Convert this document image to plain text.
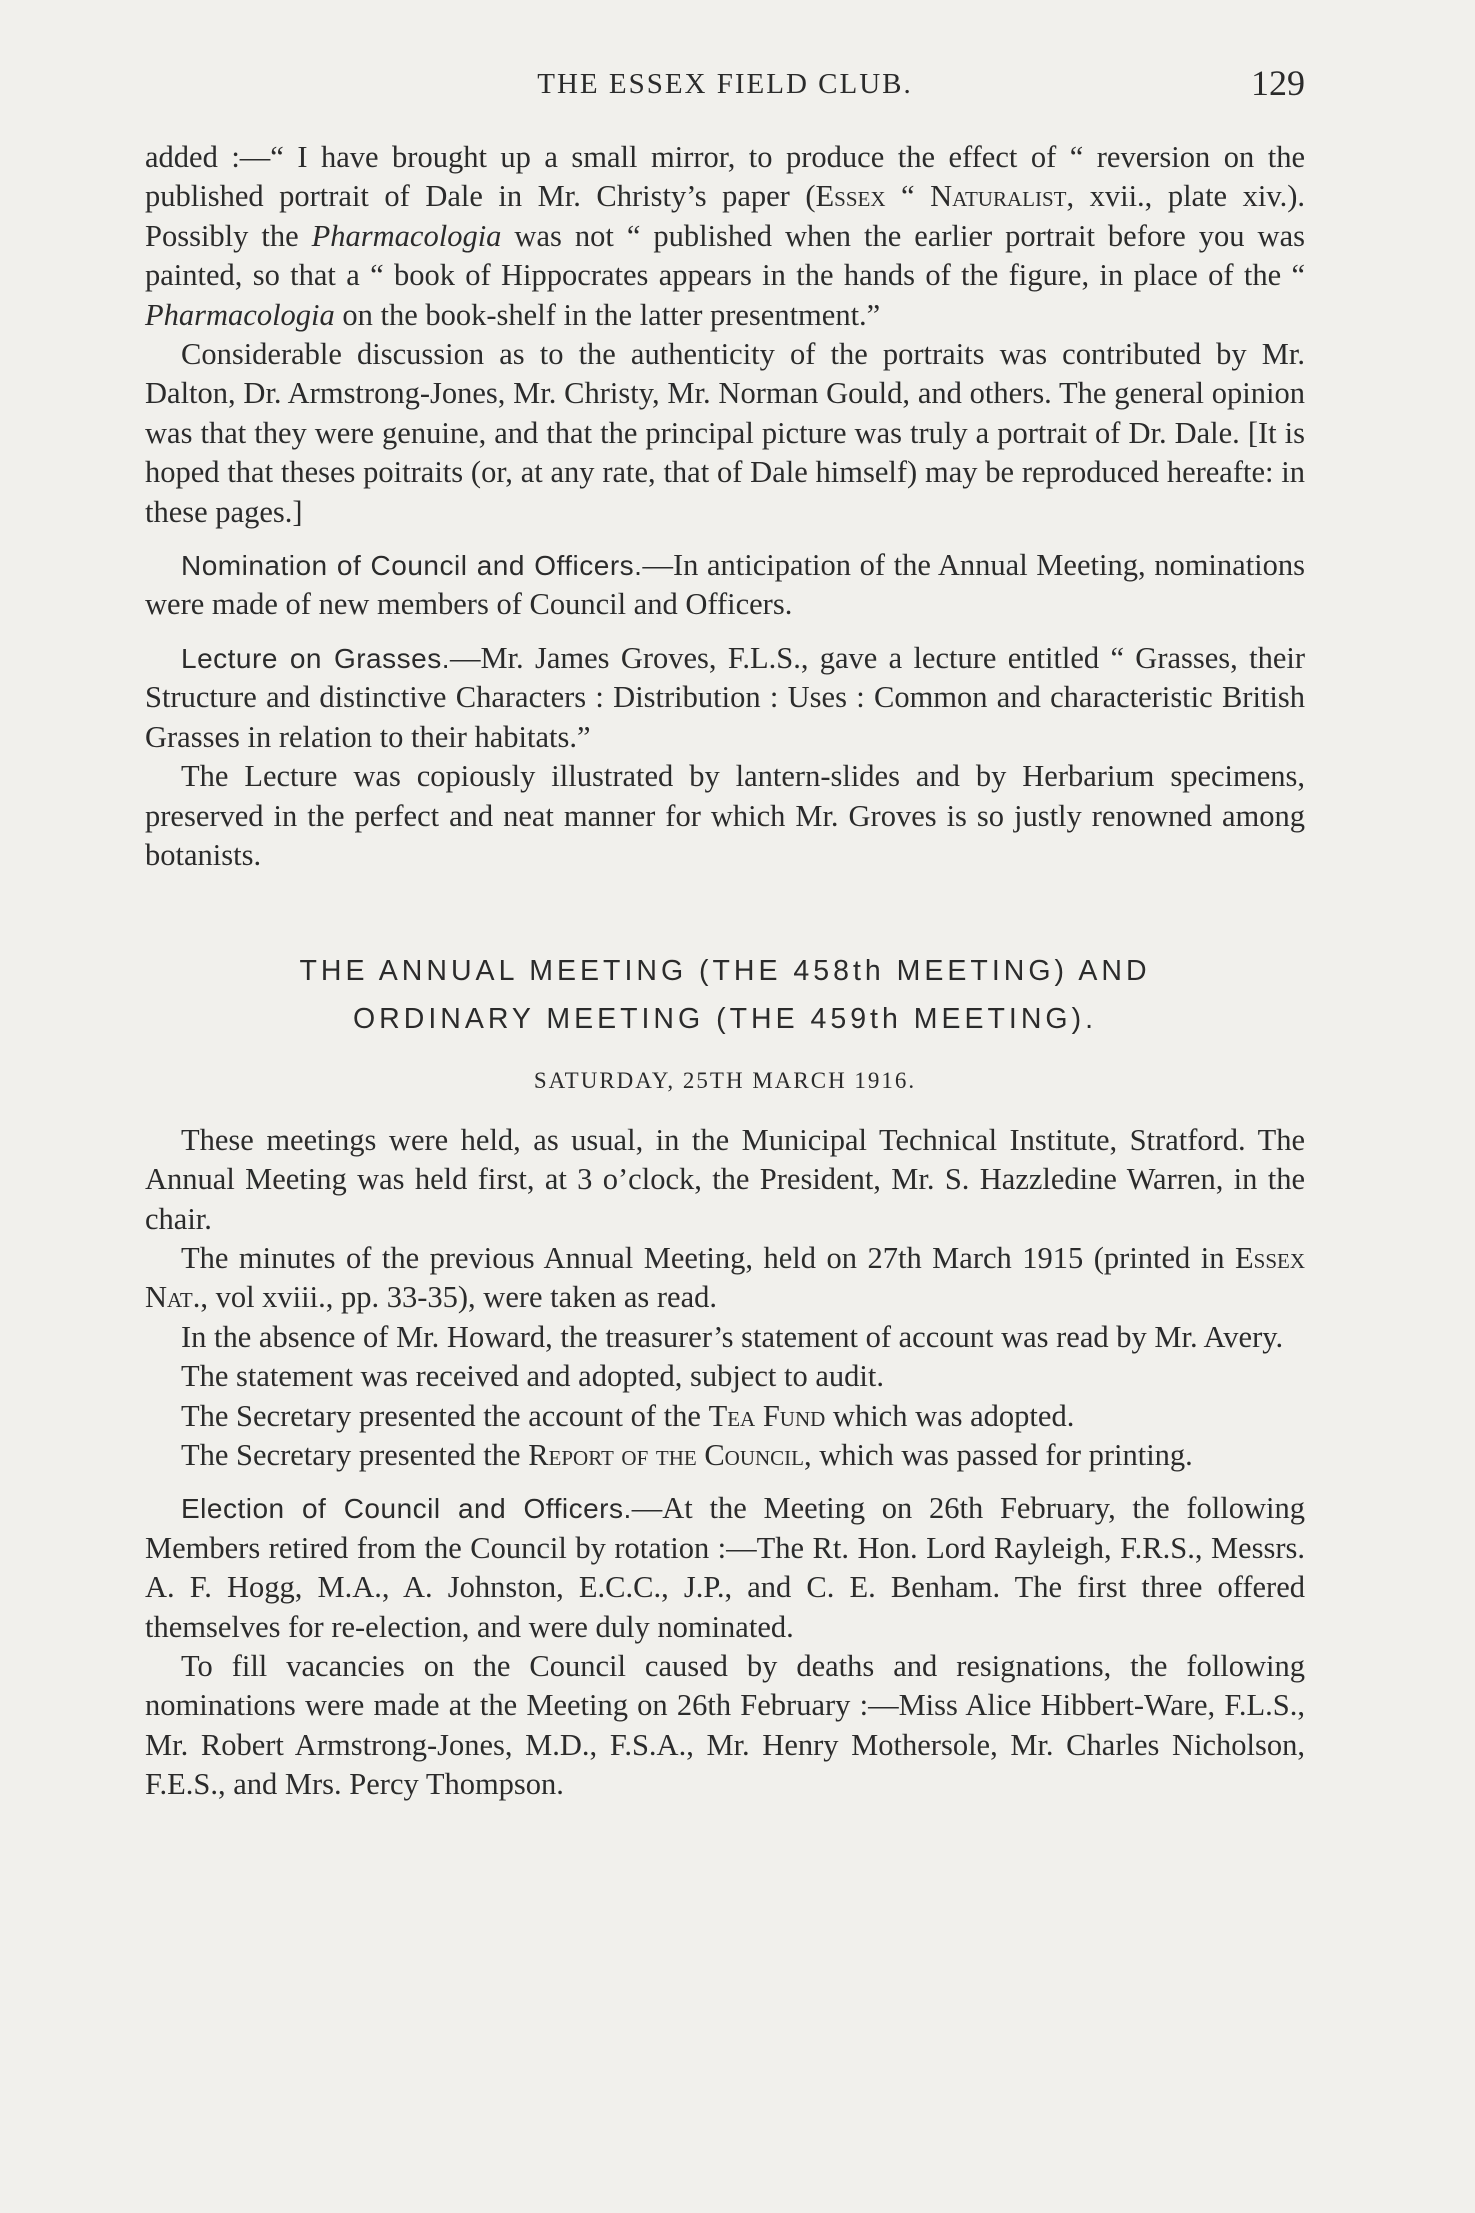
THE ESSEX FIELD CLUB.	129

added :—“ I have brought up a small mirror, to produce the effect of “ reversion on the published portrait of Dale in Mr. Christy’s paper (Essex “ Naturalist, xvii., plate xiv.). Possibly the Pharmacologia was not “ published when the earlier portrait before you was painted, so that a “ book of Hippocrates appears in the hands of the figure, in place of the “ Pharmacologia on the book-shelf in the latter presentment.”

Considerable discussion as to the authenticity of the portraits was contributed by Mr. Dalton, Dr. Armstrong-Jones, Mr. Christy, Mr. Norman Gould, and others. The general opinion was that they were genuine, and that the principal picture was truly a portrait of Dr. Dale. [It is hoped that theses poitraits (or, at any rate, that of Dale himself) may be reproduced hereafte: in these pages.]

Nomination of Council and Officers.—In anticipation of the Annual Meeting, nominations were made of new members of Council and Officers.

Lecture on Grasses.—Mr. James Groves, F.L.S., gave a lecture entitled “ Grasses, their Structure and distinctive Characters : Distribution : Uses : Common and characteristic British Grasses in relation to their habitats.”

The Lecture was copiously illustrated by lantern-slides and by Herbarium specimens, preserved in the perfect and neat manner for which Mr. Groves is so justly renowned among botanists.

THE ANNUAL MEETING (THE 458th MEETING) AND
ORDINARY MEETING (THE 459th MEETING).
SATURDAY, 25TH MARCH 1916.

These meetings were held, as usual, in the Municipal Technical Institute, Stratford. The Annual Meeting was held first, at 3 o’clock, the President, Mr. S. Hazzledine Warren, in the chair.

The minutes of the previous Annual Meeting, held on 27th March 1915 (printed in Essex Nat., vol xviii., pp. 33-35), were taken as read.

In the absence of Mr. Howard, the treasurer’s statement of account was read by Mr. Avery.

The statement was received and adopted, subject to audit.

The Secretary presented the account of the Tea Fund which was adopted.

The Secretary presented the Report of the Council, which was passed for printing.

Election of Council and Officers.—At the Meeting on 26th February, the following Members retired from the Council by rotation :—The Rt. Hon. Lord Rayleigh, F.R.S., Messrs. A. F. Hogg, M.A., A. Johnston, E.C.C., J.P., and C. E. Benham. The first three offered themselves for re-election, and were duly nominated.

To fill vacancies on the Council caused by deaths and resignations, the following nominations were made at the Meeting on 26th February :—Miss Alice Hibbert-Ware, F.L.S., Mr. Robert Armstrong-Jones, M.D., F.S.A., Mr. Henry Mothersole, Mr. Charles Nicholson, F.E.S., and Mrs. Percy Thompson.
